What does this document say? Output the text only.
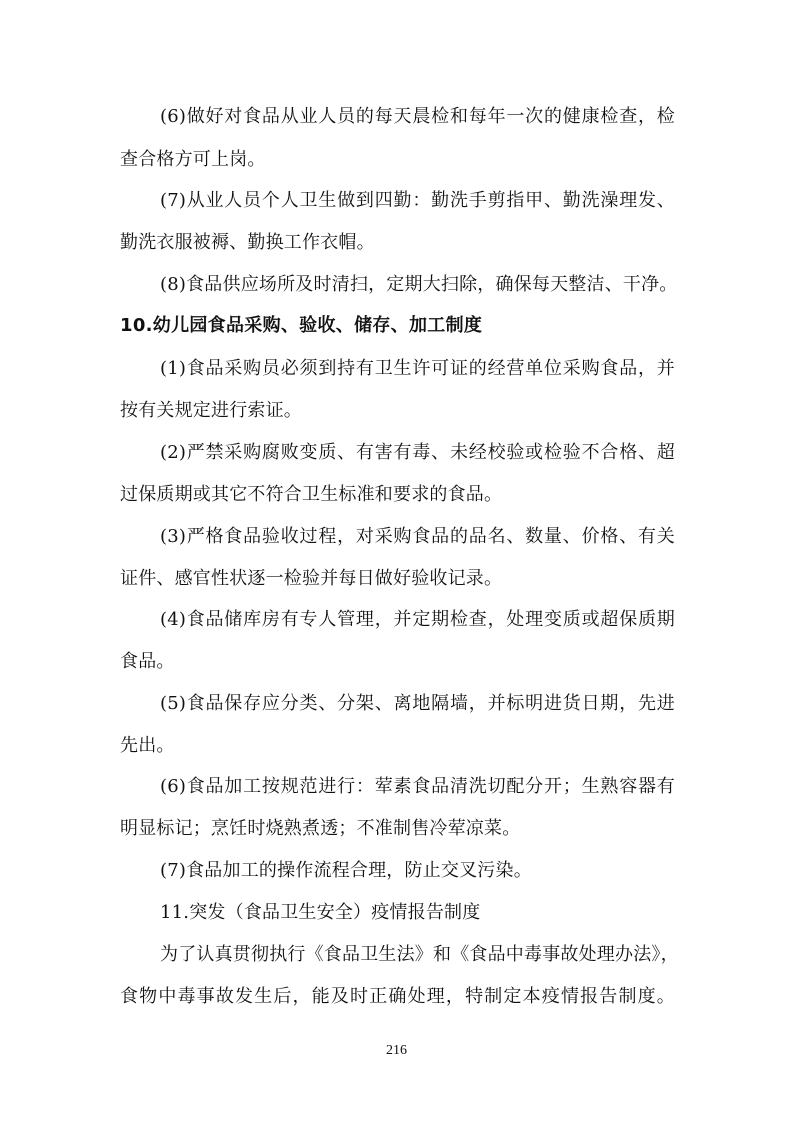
(6)做好对食品从业人员的每天晨检和每年一次的健康检查，检
查合格方可上岗。
(7)从业人员个人卫生做到四勤：勤洗手剪指甲、勤洗澡理发、
勤洗衣服被褥、勤换工作衣帽。
(8)食品供应场所及时清扫，定期大扫除，确保每天整洁、干净。
10.幼儿园食品采购、验收、储存、加工制度
(1)食品采购员必须到持有卫生许可证的经营单位采购食品，并
按有关规定进行索证。
(2)严禁采购腐败变质、有害有毒、未经校验或检验不合格、超
过保质期或其它不符合卫生标准和要求的食品。
(3)严格食品验收过程，对采购食品的品名、数量、价格、有关
证件、感官性状逐一检验并每日做好验收记录。
(4)食品储库房有专人管理，并定期检查，处理变质或超保质期
食品。
(5)食品保存应分类、分架、离地隔墙，并标明进货日期，先进
先出。
(6)食品加工按规范进行：荤素食品清洗切配分开；生熟容器有
明显标记；烹饪时烧熟煮透；不准制售冷荤凉菜。
(7)食品加工的操作流程合理，防止交叉污染。
11.突发（食品卫生安全）疫情报告制度
为了认真贯彻执行《食品卫生法》和《食品中毒事故处理办法》，
食物中毒事故发生后，能及时正确处理，特制定本疫情报告制度。
216
